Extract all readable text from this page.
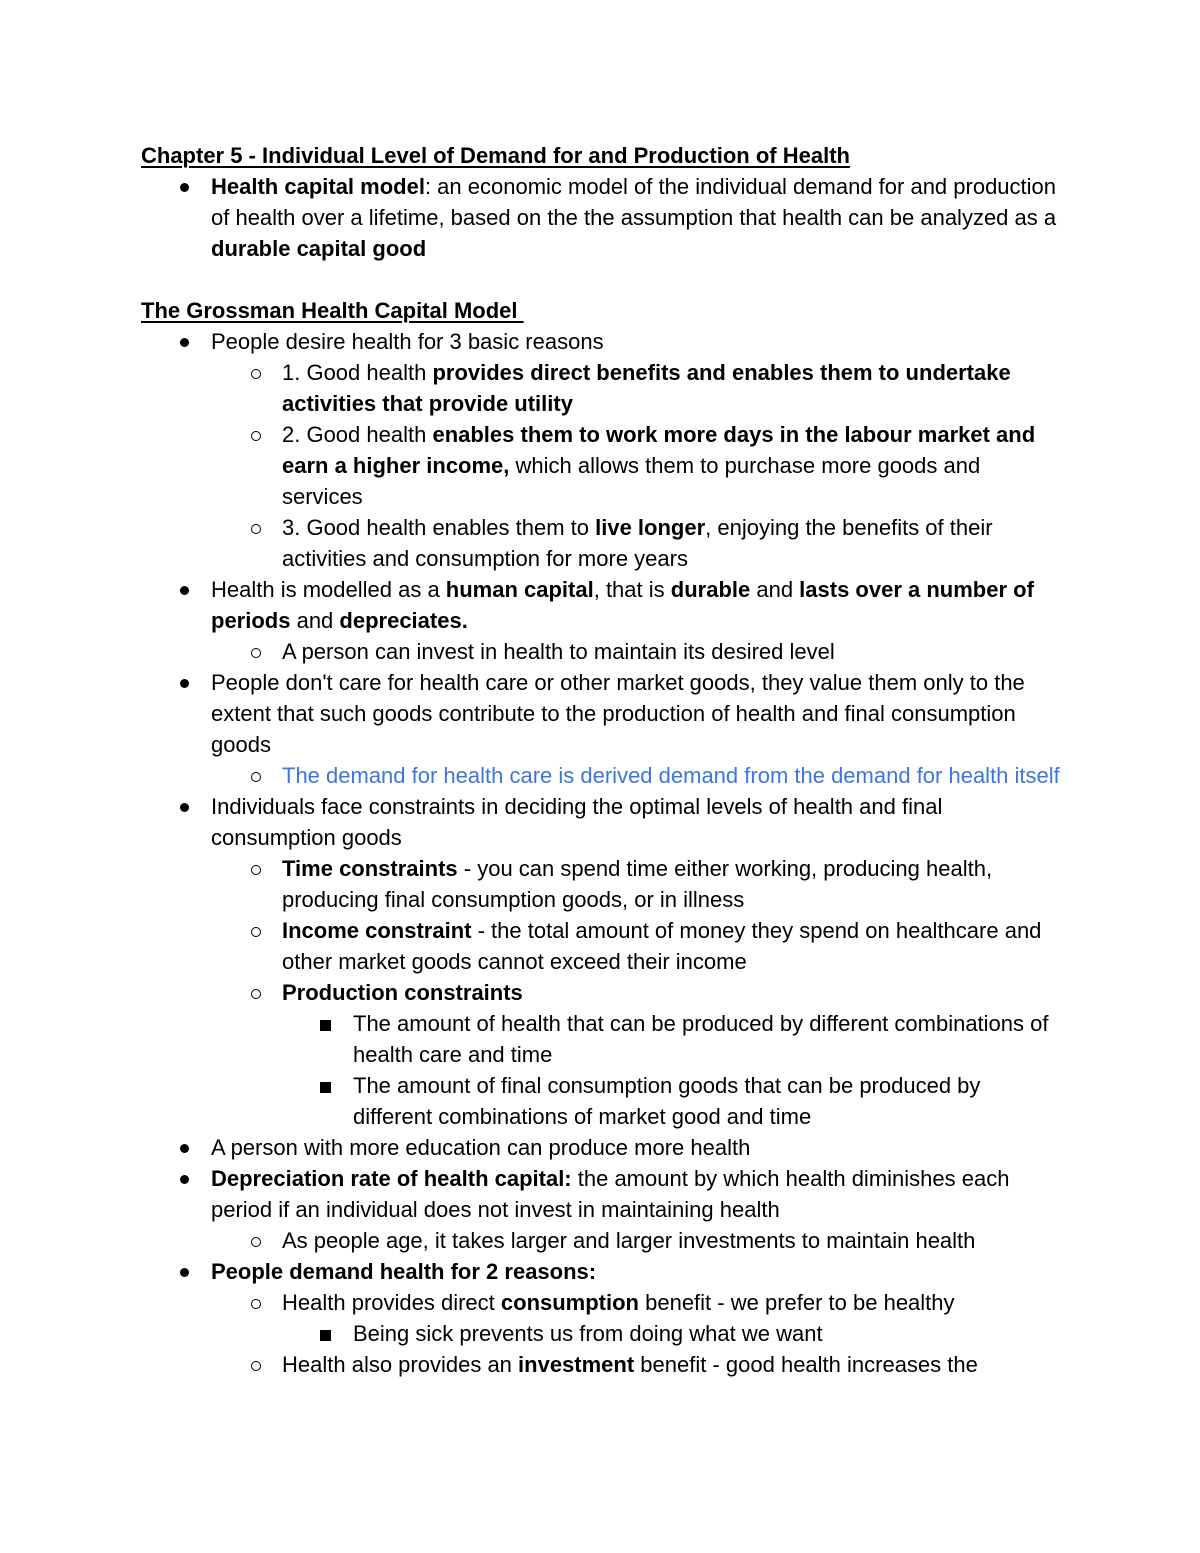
Chapter 5 - Individual Level of Demand for and Production of Health
Health capital model: an economic model of the individual demand for and production of health over a lifetime, based on the the assumption that health can be analyzed as a durable capital good
The Grossman Health Capital Model
People desire health for 3 basic reasons
1. Good health provides direct benefits and enables them to undertake activities that provide utility
2. Good health enables them to work more days in the labour market and earn a higher income, which allows them to purchase more goods and services
3. Good health enables them to live longer, enjoying the benefits of their activities and consumption for more years
Health is modelled as a human capital, that is durable and lasts over a number of periods and depreciates.
A person can invest in health to maintain its desired level
People don't care for health care or other market goods, they value them only to the extent that such goods contribute to the production of health and final consumption goods
The demand for health care is derived demand from the demand for health itself
Individuals face constraints in deciding the optimal levels of health and final consumption goods
Time constraints - you can spend time either working, producing health, producing final consumption goods, or in illness
Income constraint - the total amount of money they spend on healthcare and other market goods cannot exceed their income
Production constraints
The amount of health that can be produced by different combinations of health care and time
The amount of final consumption goods that can be produced by different combinations of market good and time
A person with more education can produce more health
Depreciation rate of health capital: the amount by which health diminishes each period if an individual does not invest in maintaining health
As people age, it takes larger and larger investments to maintain health
People demand health for 2 reasons:
Health provides direct consumption benefit - we prefer to be healthy
Being sick prevents us from doing what we want
Health also provides an investment benefit - good health increases the
